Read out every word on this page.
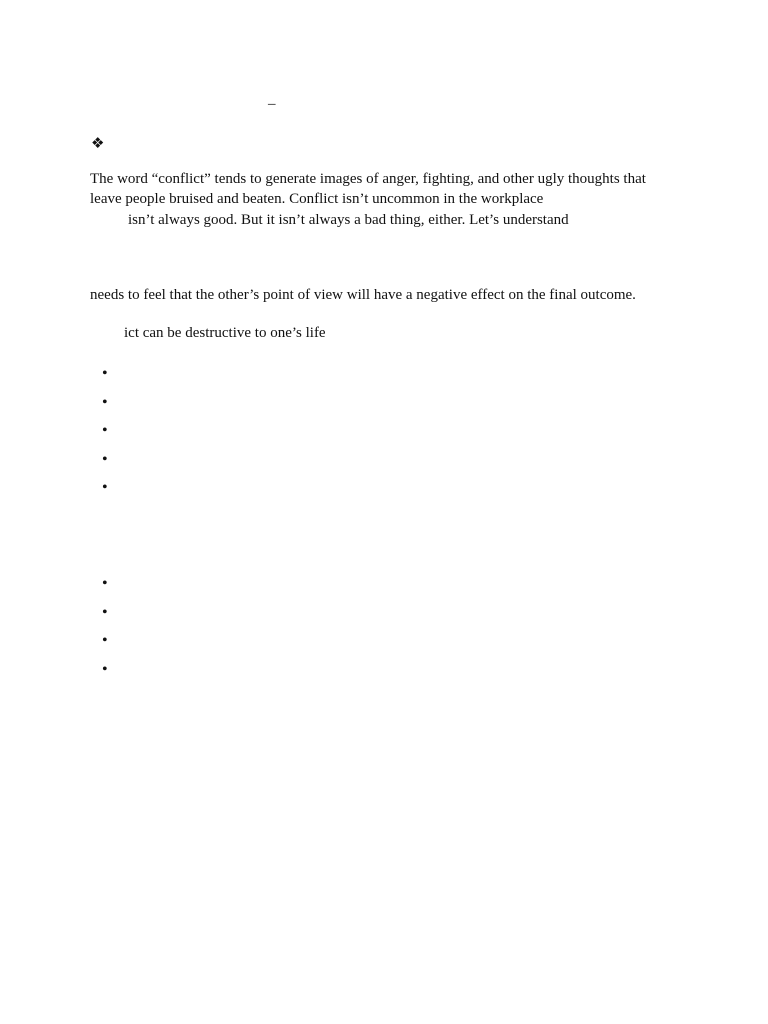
–
❖
The word “conflict” tends to generate images of anger, fighting, and other ugly thoughts that
leave people bruised and beaten. Conflict isn’t uncommon in the workplace
isn’t always good. But it isn’t always a bad thing, either. Let’s understand
needs to feel that the other’s point of view will have a negative effect on the final outcome.
ict can be destructive to one’s life
•
•
•
•
•
•
•
•
•
